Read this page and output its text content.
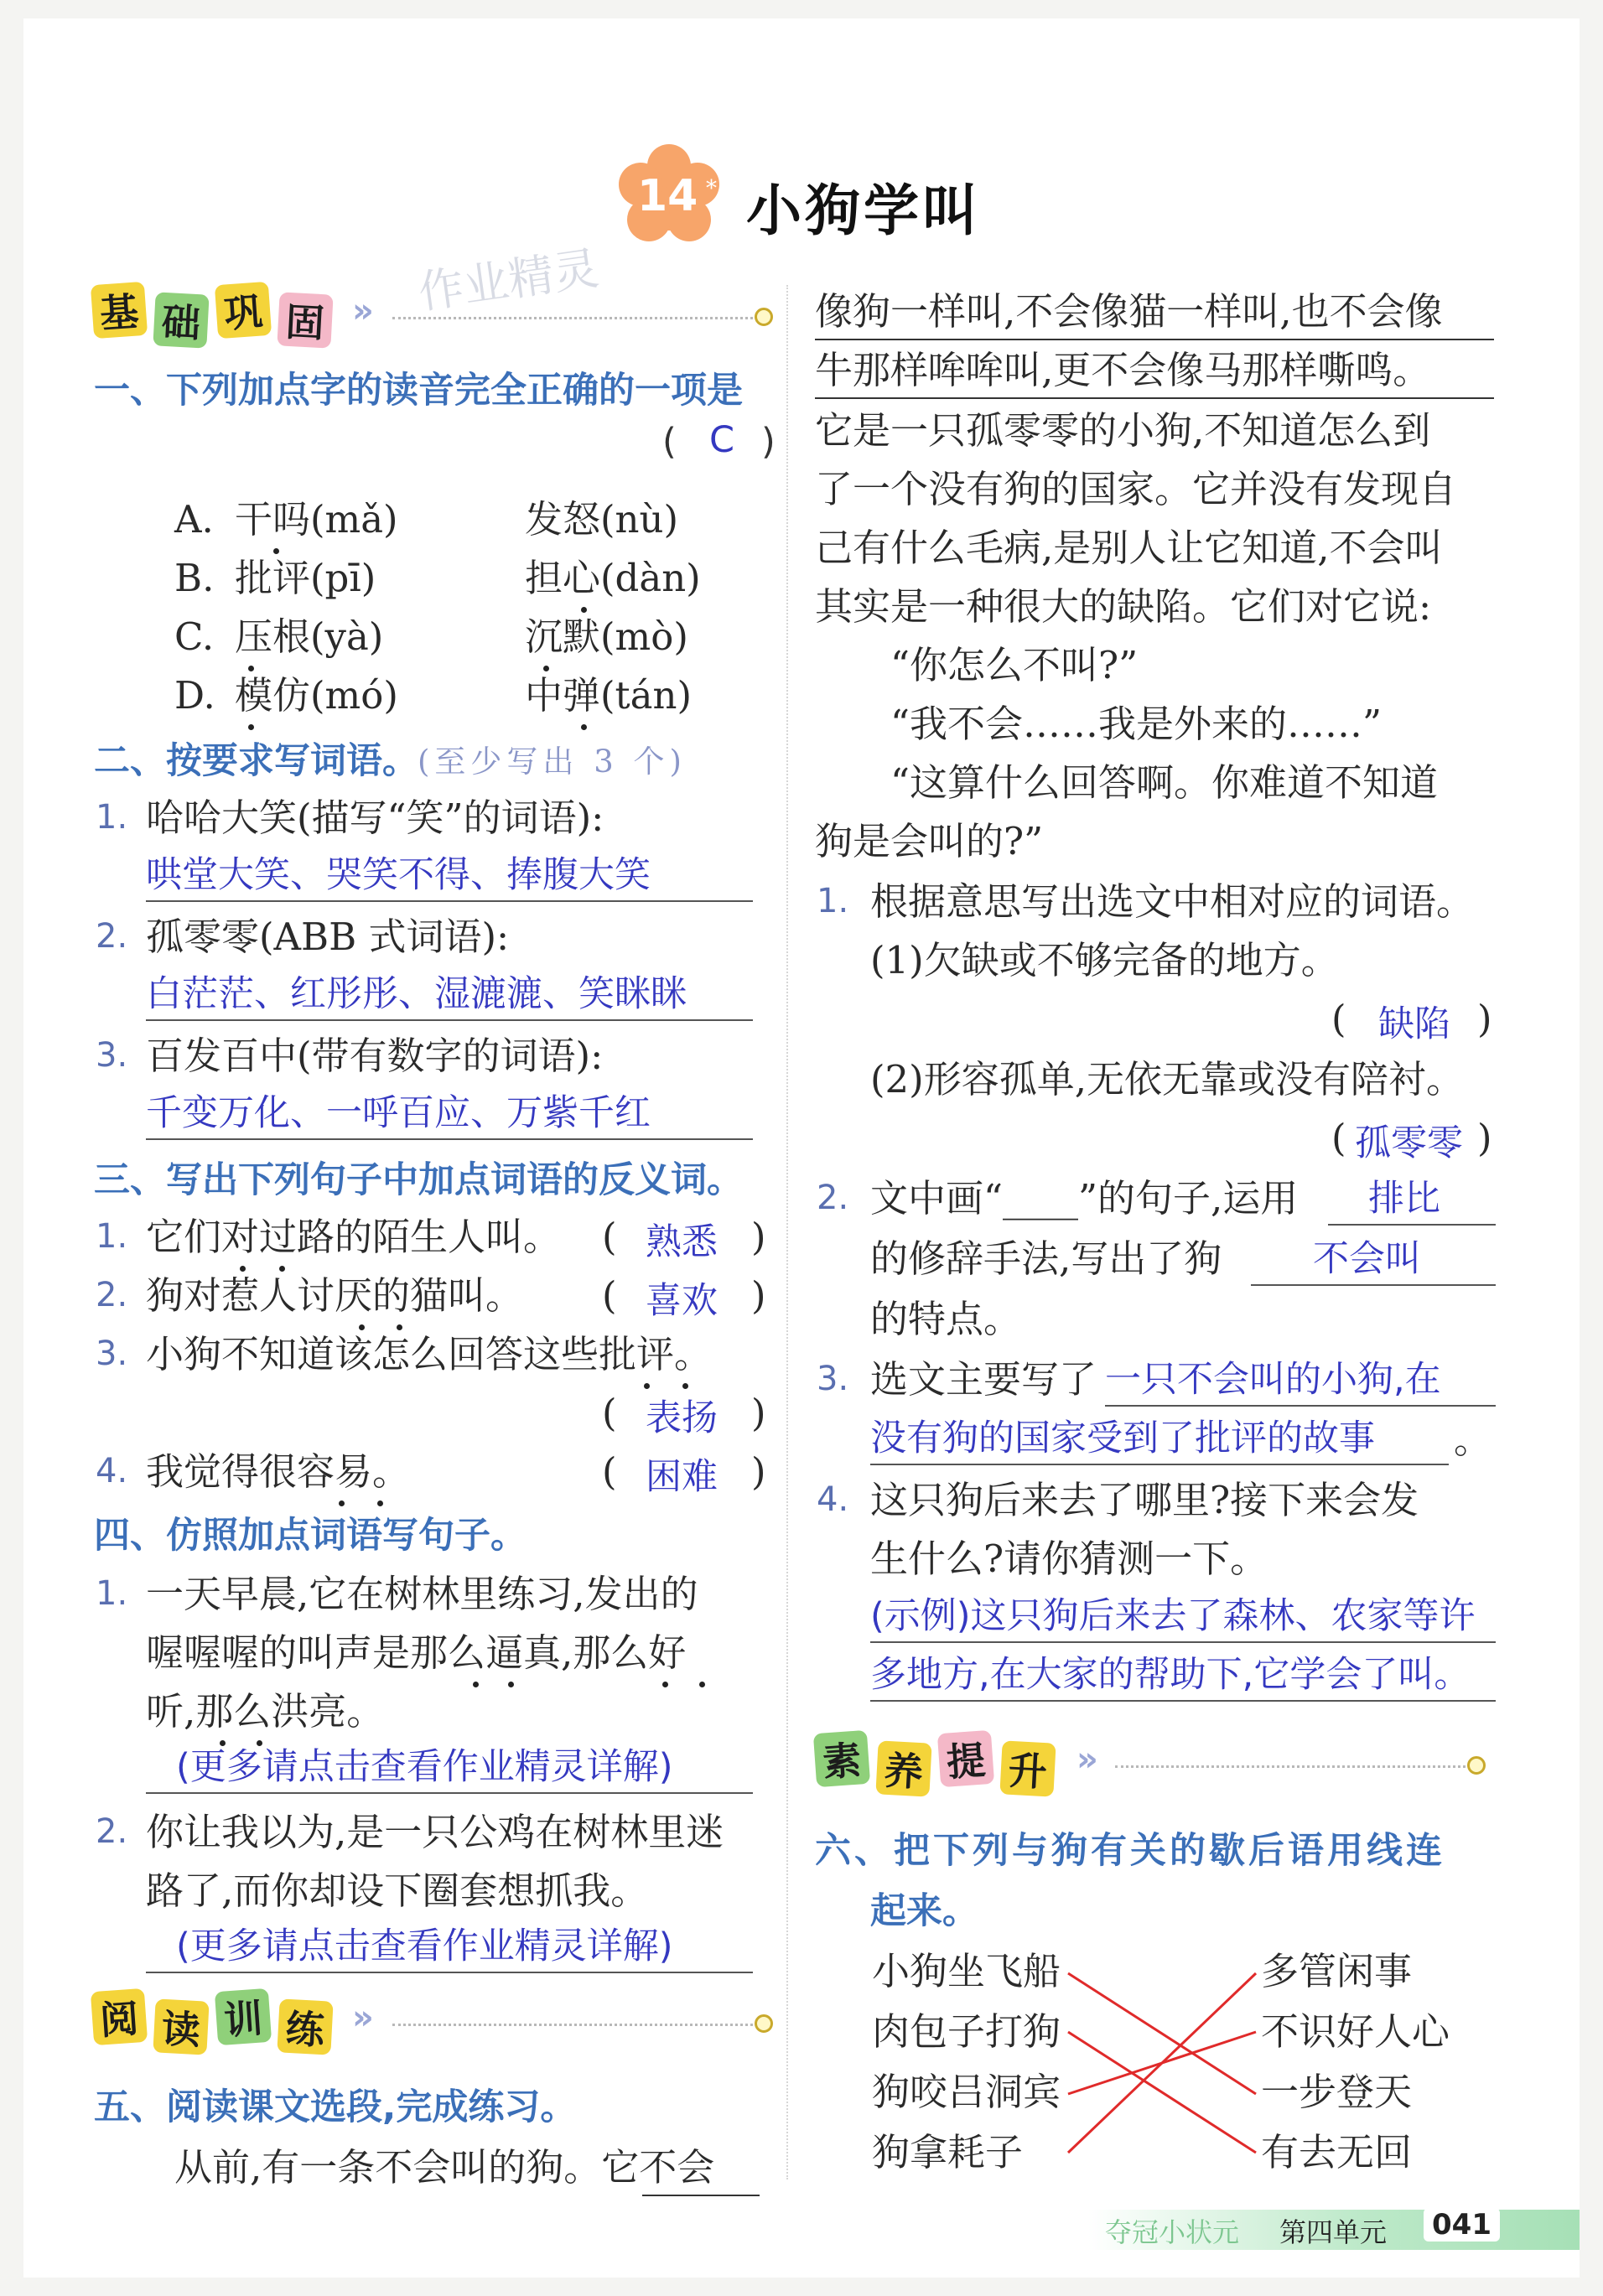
14 * 小狗学叫
作业精灵
基 础 巩 固 »
一、下列加点字的读音完全正确的一项是
( C )
A. 干吗(mǎ)	发怒(nù)
B. 批评(pī)	担心(dàn)
C. 压根(yà)	沉默(mò)
D. 模仿(mó)	中弹(tán)
二、按要求写词语。 (至少写出 3 个)
1. 哈哈大笑(描写“笑”的词语):
哄堂大笑、哭笑不得、捧腹大笑
2. 孤零零(ABB 式词语):
白茫茫、红彤彤、湿漉漉、笑眯眯
3. 百发百中(带有数字的词语):
千变万化、一呼百应、万紫千红
三、写出下列句子中加点词语的反义词。
1. 它们对过路的陌生人叫。 ( 熟悉 )
2. 狗对惹人讨厌的猫叫。 ( 喜欢 )
3. 小狗不知道该怎么回答这些批评。
( 表扬 )
4. 我觉得很容易。	( 困难 )
四、仿照加点词语写句子。
1. 一天早晨,它在树林里练习,发出的
喔喔喔的叫声是那么逼真,那么好
听,那么洪亮。
(更多请点击查看作业精灵详解)
2. 你让我以为,是一只公鸡在树林里迷
路了,而你却设下圈套想抓我。
(更多请点击查看作业精灵详解)
阅 读 训 练 »
五、阅读课文选段,完成练习。
从前,有一条不会叫的狗。它不会
像狗一样叫,不会像猫一样叫,也不会像
牛那样哞哞叫,更不会像马那样嘶鸣。
它是一只孤零零的小狗,不知道怎么到
了一个没有狗的国家。它并没有发现自
己有什么毛病,是别人让它知道,不会叫
其实是一种很大的缺陷。它们对它说:
“你怎么不叫?”
“我不会……我是外来的……”
“这算什么回答啊。你难道不知道
狗是会叫的?”
1. 根据意思写出选文中相对应的词语。
(1)欠缺或不够完备的地方。
( 缺陷 )
(2)形容孤单,无依无靠或没有陪衬。
( 孤零零 )
2. 文中画“____”的句子,运用	排比
的修辞手法,写出了狗	不会叫
的特点。
3. 选文主要写了 一只不会叫的小狗,在
没有狗的国家受到了批评的故事	。
4. 这只狗后来去了哪里?接下来会发
生什么?请你猜测一下。
(示例)这只狗后来去了森林、农家等许
多地方,在大家的帮助下,它学会了叫。
素 养 提 升 »
六、把下列与狗有关的歇后语用线连
起来。
小狗坐飞船
肉包子打狗
狗咬吕洞宾
狗拿耗子
多管闲事
不识好人心
一步登天
有去无回
夺冠小状元 第四单元 041
